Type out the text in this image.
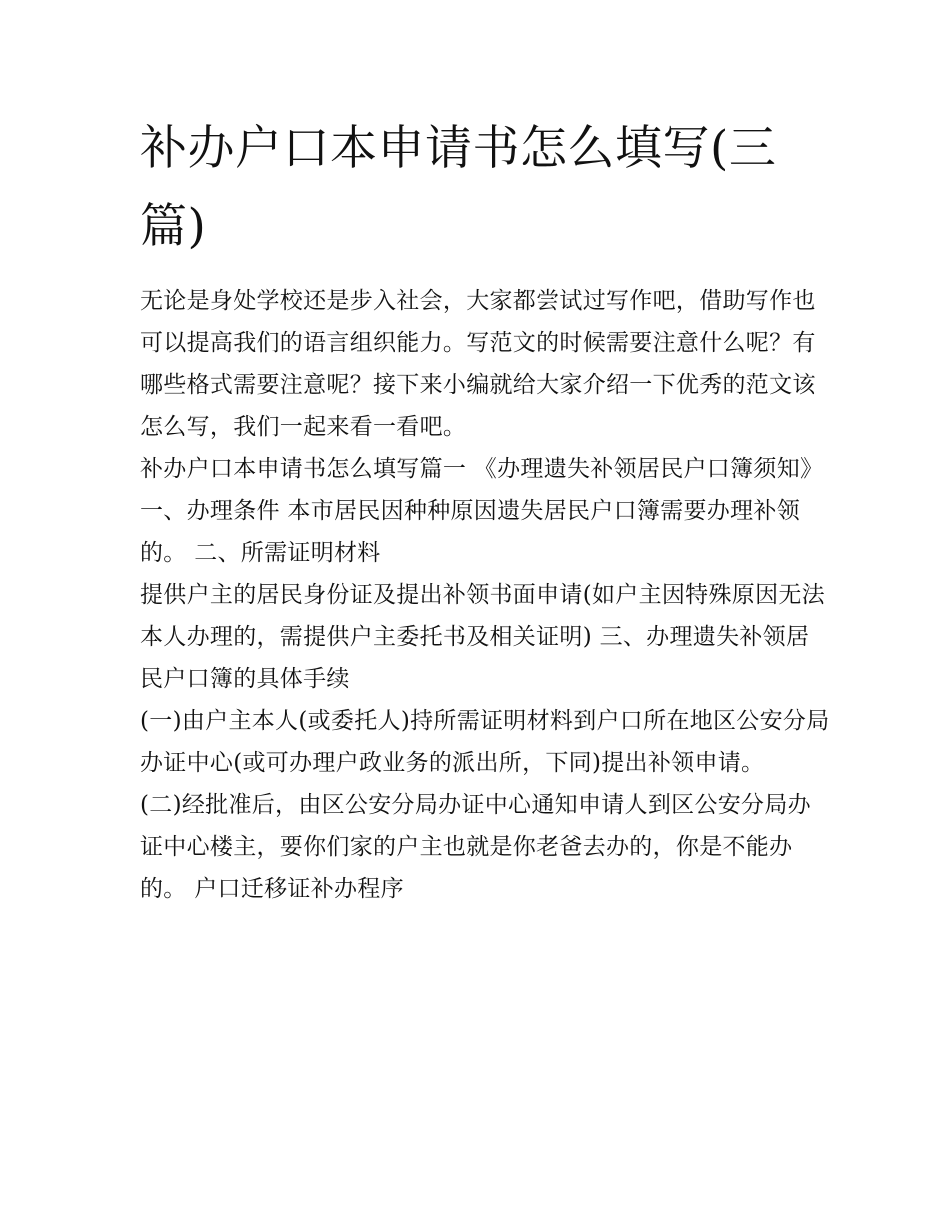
补办户口本申请书怎么填写(三篇)

无论是身处学校还是步入社会，大家都尝试过写作吧，借助写作也可以提高我们的语言组织能力。写范文的时候需要注意什么呢？有哪些格式需要注意呢？接下来小编就给大家介绍一下优秀的范文该怎么写，我们一起来看一看吧。

补办户口本申请书怎么填写篇一 《办理遗失补领居民户口簿须知》 一、办理条件 本市居民因种种原因遗失居民户口簿需要办理补领的。 二、所需证明材料

提供户主的居民身份证及提出补领书面申请(如户主因特殊原因无法本人办理的，需提供户主委托书及相关证明) 三、办理遗失补领居民户口簿的具体手续

(一)由户主本人(或委托人)持所需证明材料到户口所在地区公安分局办证中心(或可办理户政业务的派出所，下同)提出补领申请。

(二)经批准后，由区公安分局办证中心通知申请人到区公安分局办证中心楼主，要你们家的户主也就是你老爸去办的，你是不能办的。 户口迁移证补办程序
